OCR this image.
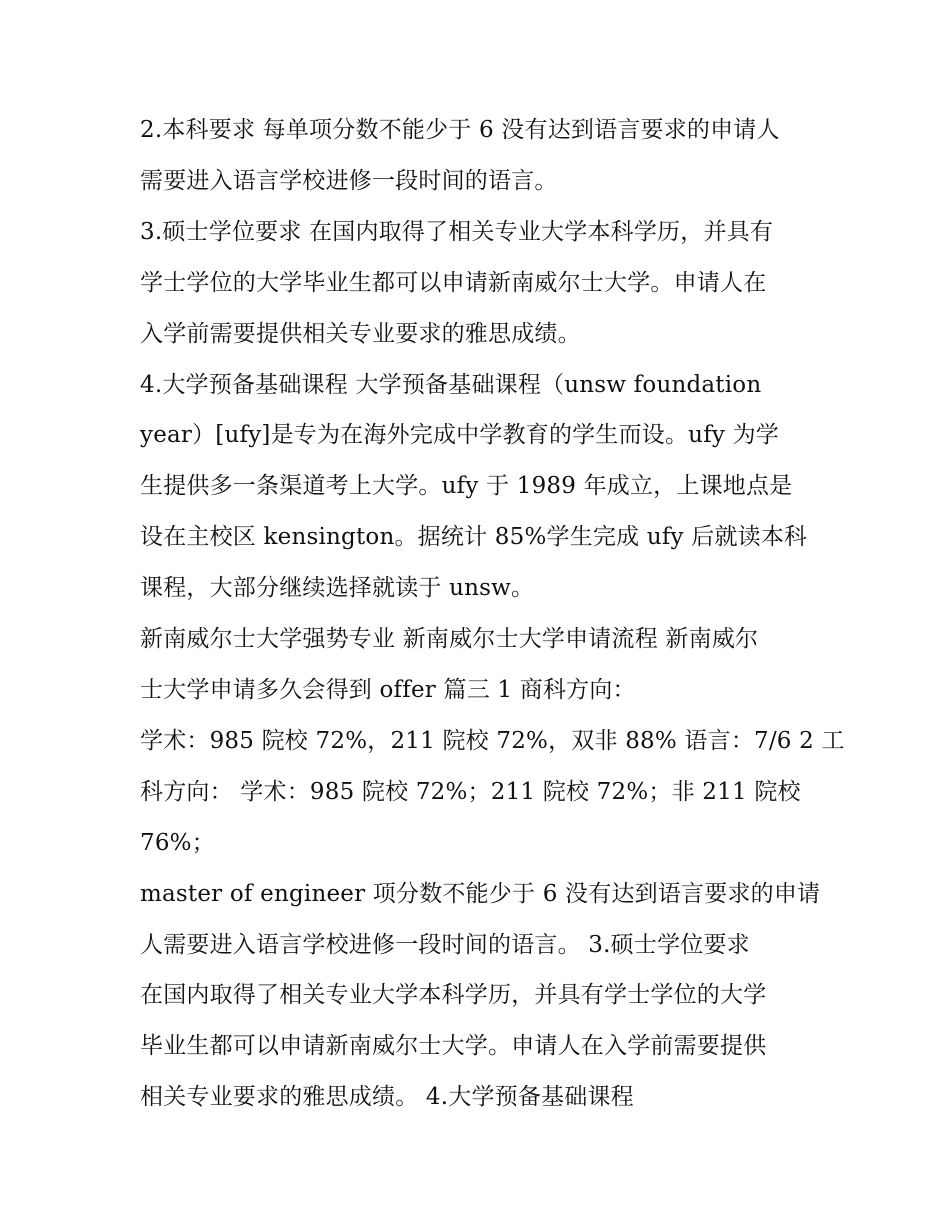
2.本科要求 每单项分数不能少于 6 没有达到语言要求的申请人
需要进入语言学校进修一段时间的语言。
3.硕士学位要求 在国内取得了相关专业大学本科学历，并具有
学士学位的大学毕业生都可以申请新南威尔士大学。申请人在
入学前需要提供相关专业要求的雅思成绩。
4.大学预备基础课程 大学预备基础课程（unsw foundation
year）[ufy]是专为在海外完成中学教育的学生而设。ufy 为学
生提供多一条渠道考上大学。ufy 于 1989 年成立，上课地点是
设在主校区 kensington。据统计 85%学生完成 ufy 后就读本科
课程，大部分继续选择就读于 unsw。
新南威尔士大学强势专业 新南威尔士大学申请流程 新南威尔
士大学申请多久会得到 offer 篇三 1 商科方向：
学术：985 院校 72%，211 院校 72%，双非 88% 语言：7/6 2 工
科方向： 学术：985 院校 72%；211 院校 72%；非 211 院校
76%；
master of engineer 项分数不能少于 6 没有达到语言要求的申请
人需要进入语言学校进修一段时间的语言。 3.硕士学位要求
在国内取得了相关专业大学本科学历，并具有学士学位的大学
毕业生都可以申请新南威尔士大学。申请人在入学前需要提供
相关专业要求的雅思成绩。 4.大学预备基础课程
